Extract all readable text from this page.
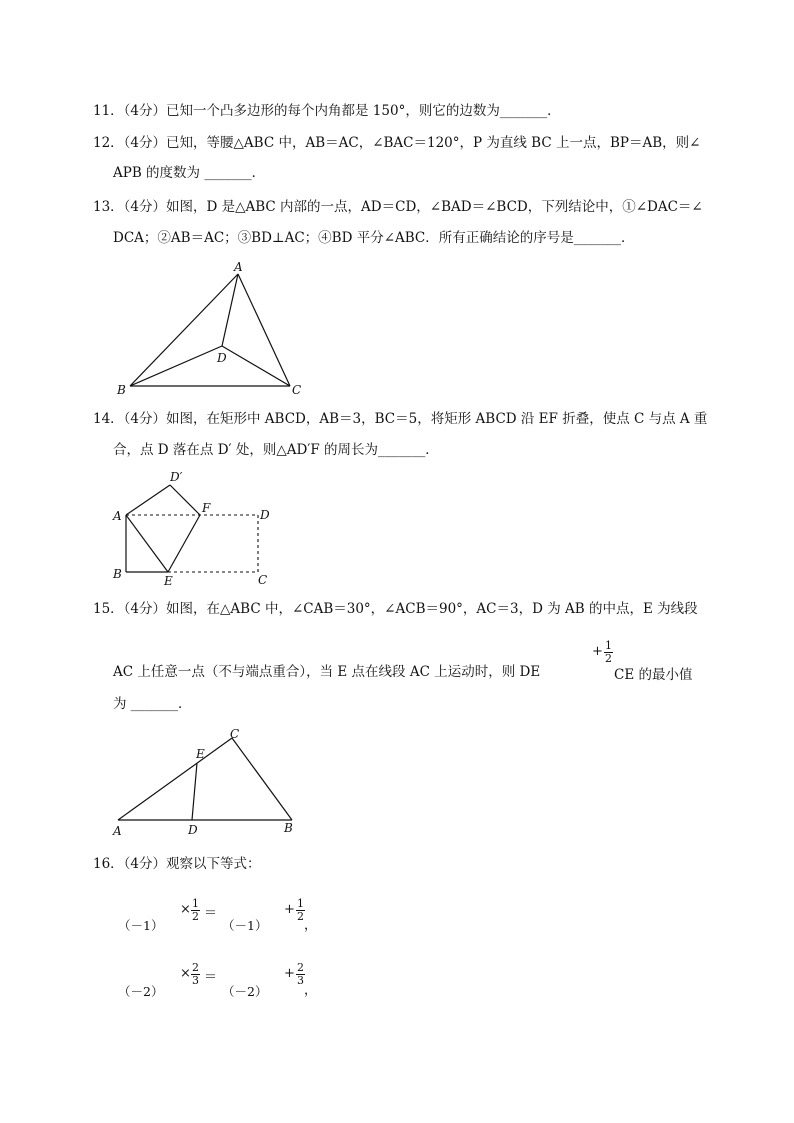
11．（4分）已知一个凸多边形的每个内角都是 150°，则它的边数为_______．
12．（4分）已知，等腰△ABC 中，AB＝AC，∠BAC＝120°，P 为直线 BC 上一点，BP＝AB，则∠
APB 的度数为 _______．
13．（4分）如图，D 是△ABC 内部的一点，AD＝CD，∠BAD＝∠BCD，下列结论中，①∠DAC＝∠
DCA；②AB＝AC；③BD⊥AC；④BD 平分∠ABC．所有正确结论的序号是_______．
A
B	C
D
14．（4分）如图，在矩形中 ABCD，AB＝3，BC＝5，将矩形 ABCD 沿 EF 折叠，使点 C 与点 A 重
合，点 D 落在点 D′ 处，则△AD′F 的周长为_______．
A
B	C
D
E
F
D′
15．（4分）如图，在△ABC 中，∠CAB＝30°，∠ACB＝90°，AC＝3，D 为 AB 的中点，E 为线段
AC 上任意一点（不与端点重合），当 E 点在线段 AC 上运动时，则 DE
+ $\frac{1}{2}$
CE 的最小值
为 _______．
A	B
C
D
E
16．（4分）观察以下等式：
（－1）
× $\frac{1}{2}$ ＝
（－1）
+ $\frac{1}{2}$
，
（－2）
× $\frac{2}{3}$ ＝
（－2）
+ $\frac{2}{3}$
，
